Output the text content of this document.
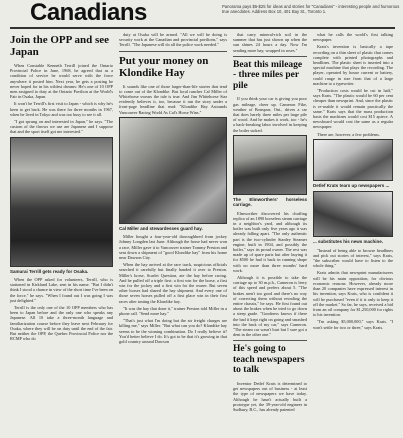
Canadians	Panorama pays $5-$25 for ideas and stories for "Canadians" - interesting people and humorous true anecdotes. Address Box 10, 401 Bay St., Toronto 1.
Join the OPP and see Japan

When Constable Kenneth Terrill joined the Ontario Provincial Police in June, 1968, he agreed that as a condition of service he would serve with the force anywhere it posted him. Next year, he gets a posting he never hoped for in his wildest dreams: He's one of 10 OPP men assigned to duty at the Ontario Pavilion at the World's Fair in Osaka, Japan.

It won't be Terrill's first visit to Japan - which is why he's keen to get back. He was there for three months in 1967, when he lived in Tokyo and was too busy to see it all.

"I got sprung on and interested in Japan," he says. "The custom of the throws we use are Japanese and I suppose that and the sport itself got me interested."

Samurai Terrill gets ready for Osaka.

When the OPP asked for volunteers, Terrill, who is stationed in Kirkland Lake, sent in his name. "But I didn't think I stood a chance in view of the short time I've been on the force," he says. "When I found out I was going I was just delighted."

Terrill is the only one of the 10 OPP members who has been to Japan before and the only one who speaks any Japanese. All 10 take a three-month language and familiarization course before they leave next February for Osaka, where they will be on duty until the end of the fair. But neither the OPP, the Quebec Provincial Police nor the RCMP who do

duty at Osaka will be armed. "All we will be doing is security work at the Canadian and provincial pavilions," says Terrill. "The Japanese will do all the police work needed."

Put your money on Klondike Hay

It sounds like one of those larger-than-life stories that tend to come out of the Klondike. But local rancher Cal Miller of Whitehorse swears the tale is true. And Jim Whitehorse Star evidently believes it, too, because it ran the story under a front-page headline that read: "Klondike Hay Astounds Vancouver Racing World As Cal's Horse Wins."

Cal Miller and stewardesses guard hay.

Miller bought a four-year-old thoroughbred from jockey Johnny Longden last June. Although the horse had never won a race, Miller gave it to Vancouver trainer Tommy Preston and sent down a shipment of "good Klondike hay" from his home near Dawson City.

When the hay arrived at the race track, suspicious officials searched it carefully but finally handed it over to Preston. Miller's horse, Scarlet Question, ate the hay before racing. And he pulled off a triple first: a first win for the horse, a first win for the jockey and a first win for the owner. But seven other horses had shared the hay shipment. And every one of those seven horses pulled off a first place win in their first races after tasting the Klondike hay.

"It was the hay that done it," trainer Preston told Miller in a phone call. "Send more hay."

"That's just what I'm doing but the air freight charges are killing me," says Miller. "But what can you do? Klondike hay seems to be the winning combination. Do I really believe it? You'd better believe I do. It's got to be that it's growing in that gold country around Dawson

that carry mineral-rich soil in the summer that has just shown up when the sun shines 24 hours a day. Now I'm sending more hay, wrapped in roses."

Beat this mileage - three miles per pile

If you think your car is giving you poor gas mileage, cheer up. Cameron Fike, weather of Bonsparr, Ont., drives a car that does barely three miles per large pile of wood. And he makes it work, too - he's a back-breaking labor involved in keeping the boiler stoked.

The Elmworthers' horseless carriage.

Elmworther discovered his chuffing replica of an 1890 horseless steam carriage in a neighbor's yard, and although its boiler was built only five years ago it was already falling apart. "The only authentic part is the two-cylinder Stanley Steamer engine, built in 1904, and possibly the boiler," says its proud owner. The rest was made up of spare parts but after buying it for $500 he had it back in running shape with no more than three months' hard work.

Although it is possible to take the carriage up to 30 m.p.h., Cameron is leery of this speed and prefers about 5. "The brakes aren't too good and there's no way of correcting them without retooling the entire chassis," he says. He first found out about the brakes when he tried to go down a steep grade. "Goodness knows if there the bad it kept right on going and smashed into the back of my car," says Cameron. "The steam car wasn't hurt but I sure got a dent in the other one."

He's going to teach newspapers to talk

Inventor Detlef Krats is determined to get newspapers out of business - at least the type of newspapers we have today. Although he hasn't actually built a prototype yet, the 39-year-old engineer in Sudbury, B.C., has already patented

what he calls the world's first talking newspaper.

Krats's invention is basically a tape recording on a thin sheet of plastic that comes complete with printed photographs and headlines. The plastic sheet is inserted into a special machine that plays the recording. The player, operated by house current or battery, could range in size from that of a large machine to a typewriter.

"Production costs would be cut in half," says Krats. "The plastic would be 60 per cent cheaper than newsprint. And, since the plastic is re-usable it would remain practically the same." Krats says that the mass production basis the machines would cost $15 apiece. A newsboard would cost the same as a regular newspaper.

There are, however, a few problems.

Detlef Krats tears up newspapers ...
... substitutes his news machine.

"Instead of being able to browse headlines and pick out stories of interest," says Krats, "the subscriber would have to listen to the whole thing."

Krats admits that newsprint manufacturers will be his main opposition, for obvious economic reasons. However, already more than 20 companies have expressed interest in his invention, says Krats, who is confident it will be purchased "even if it is only to keep it off the market." So far, he says, received a bid from an oil company for $1,250,000 for rights to his invention.

"I'm asking $5,000,000," says Krats. "I won't settle for two or three," says Krats.
